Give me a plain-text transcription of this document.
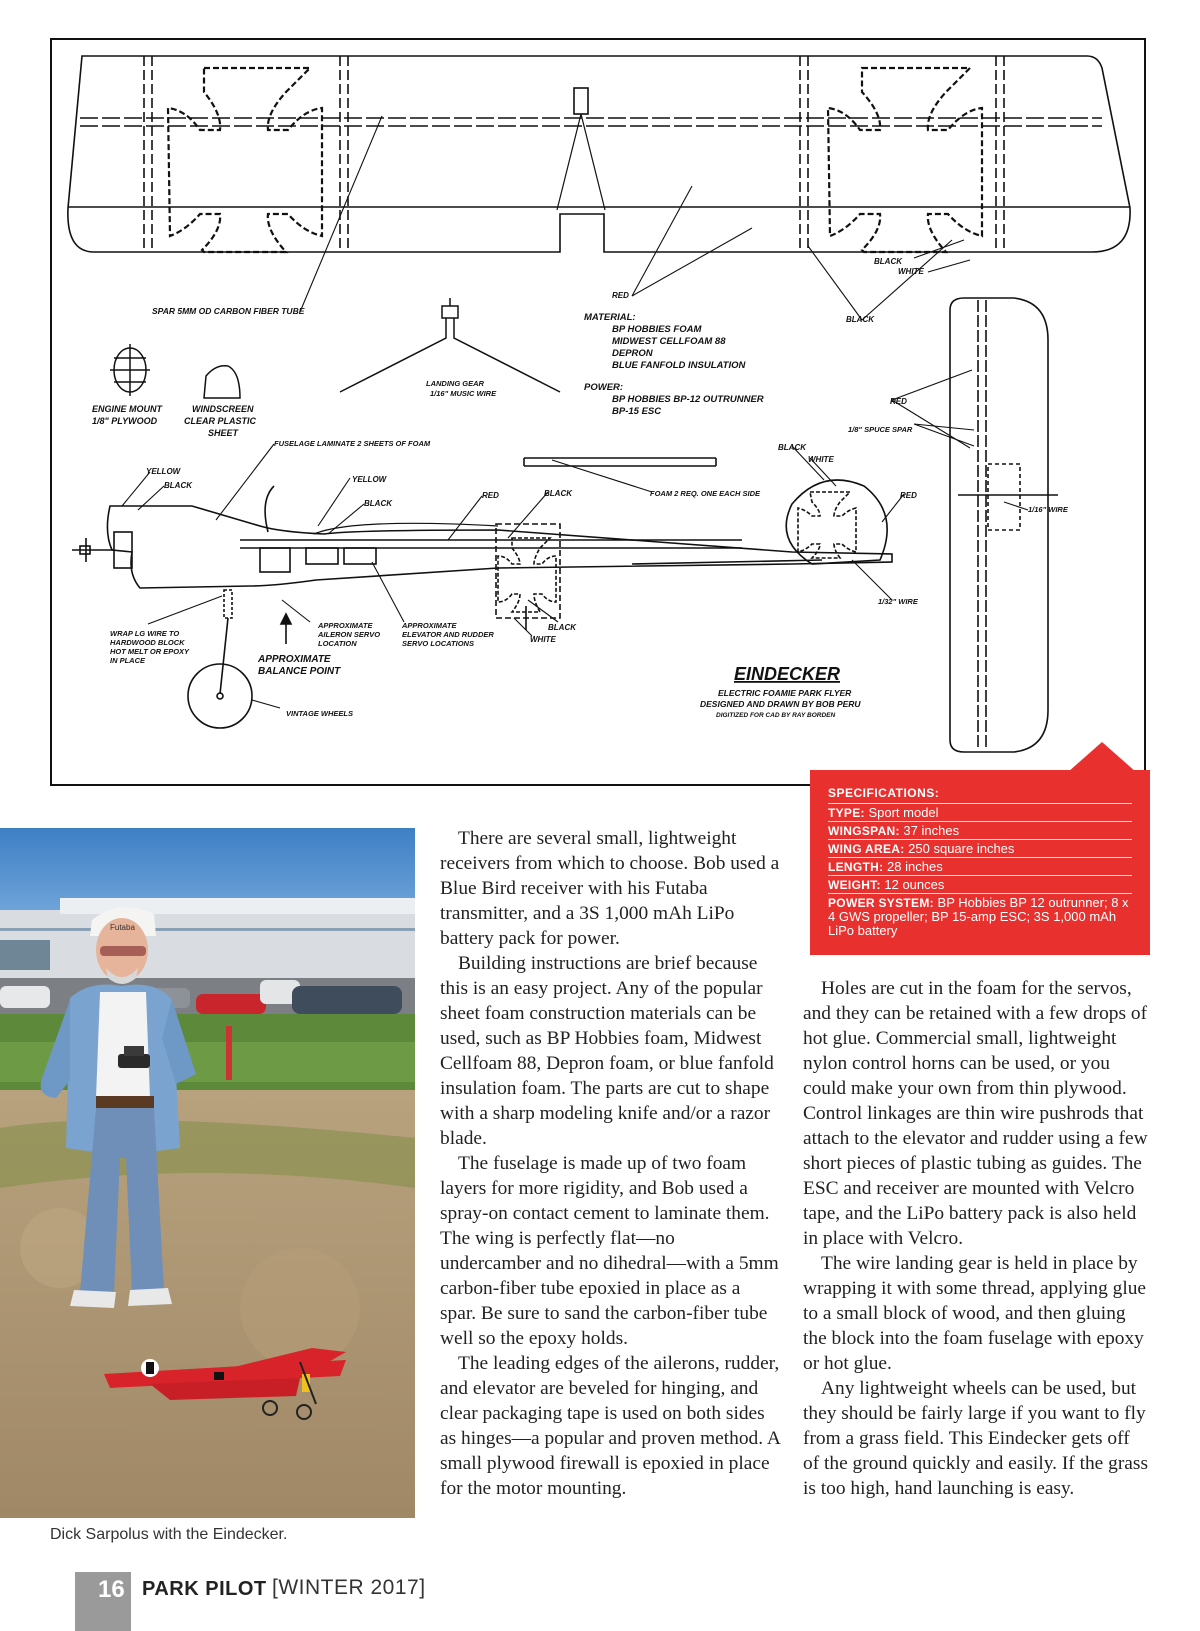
SPAR 5MM OD CARBON FIBER TUBE
RED
BLACK
WHITE
BLACK
MATERIAL:
BP HOBBIES FOAM
MIDWEST CELLFOAM 88
DEPRON
BLUE FANFOLD INSULATION
POWER:
BP HOBBIES BP-12 OUTRUNNER
BP-15 ESC
LANDING GEAR
1/16" MUSIC WIRE
ENGINE MOUNT
1/8" PLYWOOD
WINDSCREEN
CLEAR PLASTIC
SHEET
FUSELAGE LAMINATE 2 SHEETS OF FOAM
RED
1/8" SPUCE SPAR
BLACK
WHITE
YELLOW
BLACK
YELLOW
BLACK
RED	BLACK	FOAM 2 REQ. ONE EACH SIDE	RED
1/16" WIRE
1/32" WIRE
WRAP LG WIRE TO
HARDWOOD BLOCK
HOT MELT OR EPOXY
IN PLACE
APPROXIMATE
AILERON SERVO
LOCATION
APPROXIMATE
ELEVATOR AND RUDDER
SERVO LOCATIONS
BLACK
WHITE
APPROXIMATE
BALANCE POINT
VINTAGE WHEELS
EINDECKER
ELECTRIC FOAMIE PARK FLYER
DESIGNED AND DRAWN BY BOB PERU
DIGITIZED FOR CAD BY RAY BORDEN
SPECIFICATIONS:
TYPE: Sport model
WINGSPAN: 37 inches
WING AREA: 250 square inches
LENGTH: 28 inches
WEIGHT: 12 ounces
POWER SYSTEM: BP Hobbies BP 12 outrunner; 8 x 4 GWS propeller; BP 15-amp ESC; 3S 1,000 mAh LiPo battery
Futaba
Dick Sarpolus with the Eindecker.

There are several small, lightweight receivers from which to choose. Bob used a Blue Bird receiver with his Futaba transmitter, and a 3S 1,000 mAh LiPo battery pack for power.

Building instructions are brief because this is an easy project. Any of the popular sheet foam construction materials can be used, such as BP Hobbies foam, Midwest Cellfoam 88, Depron foam, or blue fanfold insulation foam. The parts are cut to shape with a sharp modeling knife and/or a razor blade.

The fuselage is made up of two foam layers for more rigidity, and Bob used a spray-on contact cement to laminate them. The wing is perfectly flat—no undercamber and no dihedral—with a 5mm carbon-fiber tube epoxied in place as a spar. Be sure to sand the carbon-fiber tube well so the epoxy holds.

The leading edges of the ailerons, rudder, and elevator are beveled for hinging, and clear packaging tape is used on both sides as hinges—a popular and proven method. A small plywood firewall is epoxied in place for the motor mounting.

Holes are cut in the foam for the servos, and they can be retained with a few drops of hot glue. Commercial small, lightweight nylon control horns can be used, or you could make your own from thin plywood. Control linkages are thin wire pushrods that attach to the elevator and rudder using a few short pieces of plastic tubing as guides. The ESC and receiver are mounted with Velcro tape, and the LiPo battery pack is also held in place with Velcro.

The wire landing gear is held in place by wrapping it with some thread, applying glue to a small block of wood, and then gluing the block into the foam fuselage with epoxy or hot glue.

Any lightweight wheels can be used, but they should be fairly large if you want to fly from a grass field. This Eindecker gets off of the ground quickly and easily. If the grass is too high, hand launching is easy.

16 PARK PILOT [WINTER 2017]
